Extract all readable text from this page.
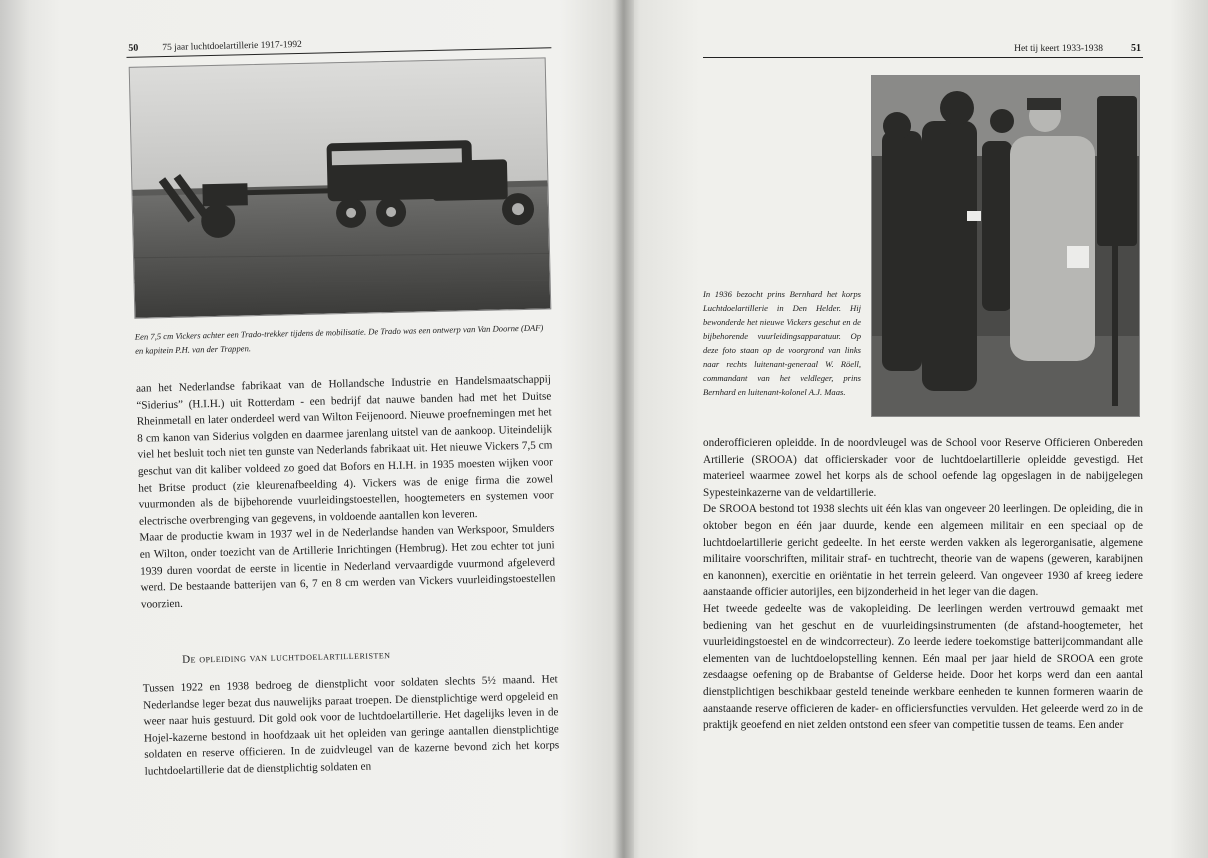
50	75 jaar luchtdoelartillerie 1917-1992
Een 7,5 cm Vickers achter een Trado-trekker tijdens de mobilisatie. De Trado was een ontwerp van Van Doorne (DAF) en kapitein P.H. van der Trappen.

aan het Nederlandse fabrikaat van de Hollandsche Industrie en Handelsmaatschappij “Siderius” (H.I.H.) uit Rotterdam - een bedrijf dat nauwe banden had met het Duitse Rheinmetall en later onderdeel werd van Wilton Feijenoord. Nieuwe proefnemingen met het 8 cm kanon van Siderius volgden en daarmee jarenlang uitstel van de aankoop. Uiteindelijk viel het besluit toch niet ten gunste van Nederlands fabrikaat uit. Het nieuwe Vickers 7,5 cm geschut van dit kaliber voldeed zo goed dat Bofors en H.I.H. in 1935 moesten wijken voor het Britse product (zie kleurenafbeelding 4). Vickers was de enige firma die zowel vuurmonden als de bijbehorende vuurleidingstoestellen, hoogtemeters en systemen voor electrische overbrenging van gegevens, in voldoende aantallen kon leveren.

Maar de productie kwam in 1937 wel in de Nederlandse handen van Werkspoor, Smulders en Wilton, onder toezicht van de Artillerie Inrichtingen (Hembrug). Het zou echter tot juni 1939 duren voordat de eerste in licentie in Nederland vervaardigde vuurmond afgeleverd werd. De bestaande batterijen van 6, 7 en 8 cm werden van Vickers vuurleidingstoestellen voorzien.

De opleiding van luchtdoelartilleristen

Tussen 1922 en 1938 bedroeg de dienstplicht voor soldaten slechts 5½ maand. Het Nederlandse leger bezat dus nauwelijks paraat troepen. De dienstplichtige werd opgeleid en weer naar huis gestuurd. Dit gold ook voor de luchtdoelartillerie. Het dagelijks leven in de Hojel-kazerne bestond in hoofdzaak uit het opleiden van geringe aantallen dienstplichtige soldaten en reserve officieren. In de zuidvleugel van de kazerne bevond zich het korps luchtdoelartillerie dat de dienstplichtig soldaten en

Het tij keert 1933-1938	51
In 1936 bezocht prins Bernhard het korps Luchtdoelartillerie in Den Helder. Hij bewonderde het nieuwe Vickers geschut en de bijbehorende vuurleidingsapparatuur. Op deze foto staan op de voorgrond van links naar rechts luitenant-generaal W. Röell, commandant van het veldleger, prins Bernhard en luitenant-kolonel A.J. Maas.

onderofficieren opleidde. In de noordvleugel was de School voor Reserve Officieren Onbereden Artillerie (SROOA) dat officierskader voor de luchtdoelartillerie opleidde gevestigd. Het materieel waarmee zowel het korps als de school oefende lag opgeslagen in de nabijgelegen Sypesteinkazerne van de veldartillerie.

De SROOA bestond tot 1938 slechts uit één klas van ongeveer 20 leerlingen. De opleiding, die in oktober begon en één jaar duurde, kende een algemeen militair en een speciaal op de luchtdoelartillerie gericht gedeelte. In het eerste werden vakken als legerorganisatie, algemene militaire voorschriften, militair straf- en tuchtrecht, theorie van de wapens (geweren, karabijnen en kanonnen), exercitie en oriëntatie in het terrein geleerd. Van ongeveer 1930 af kreeg iedere aanstaande officier autorijles, een bijzonderheid in het leger van die dagen.

Het tweede gedeelte was de vakopleiding. De leerlingen werden vertrouwd gemaakt met bediening van het geschut en de vuurleidingsinstrumenten (de afstand-hoogtemeter, het vuurleidingstoestel en de windcorrecteur). Zo leerde iedere toekomstige batterijcommandant alle elementen van de luchtdoelopstelling kennen. Eén maal per jaar hield de SROOA een grote zesdaagse oefening op de Brabantse of Gelderse heide. Door het korps werd dan een aantal dienstplichtigen beschikbaar gesteld teneinde werkbare eenheden te kunnen formeren waarin de aanstaande reserve officieren de kader- en officiersfuncties vervulden. Het geleerde werd zo in de praktijk geoefend en niet zelden ontstond een sfeer van competitie tussen de teams. Een ander
